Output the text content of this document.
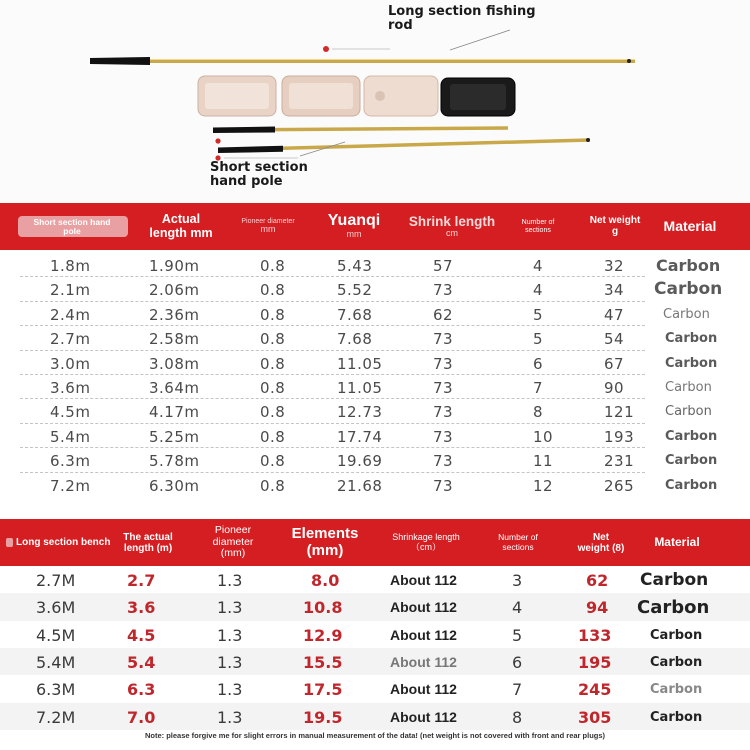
Long section fishing
rod
Short section
hand pole
Short section hand pole
Actual
length mm
Pioneer diameter
mm
Yuanqi
mm
Shrink length
cm
Number of
sections
Net weight
g	Material
1.8m	1.90m	0.8	5.43	57	4	32 Carbon
2.1m	2.06m	0.8	5.52	73	4	34 Carbon
2.4m	2.36m	0.8	7.68	62	5	47	Carbon
2.7m	2.58m	0.8	7.68	73	5	54	Carbon
3.0m	3.08m	0.8	11.05	73	6	67	Carbon
3.6m	3.64m	0.8	11.05	73	7	90	Carbon
4.5m	4.17m	0.8	12.73	73	8	121 Carbon
5.4m	5.25m	0.8	17.74	73	10	193 Carbon
6.3m	5.78m	0.8	19.69	73	11	231 Carbon
7.2m	6.30m	0.8	21.68	73	12	265 Carbon
Long section bench The actual
length (m)
Pioneer
diameter
(mm)
Elements
(mm)
Shrinkage length
（cm）
Number of
sections
Net
weight (8) Material
2.7M	2.7	1.3	8.0	About 112	3	62 Carbon
3.6M	3.6	1.3	10.8	About 112	4	94 Carbon
4.5M	4.5	1.3	12.9	About 112	5	133	Carbon
5.4M	5.4	1.3	15.5	About 112	6	195	Carbon
6.3M	6.3	1.3	17.5	About 112	7	245	Carbon
7.2M	7.0	1.3	19.5	About 112	8	305	Carbon
Note: please forgive me for slight errors in manual measurement of the data! (net weight is not covered with front and rear plugs)
